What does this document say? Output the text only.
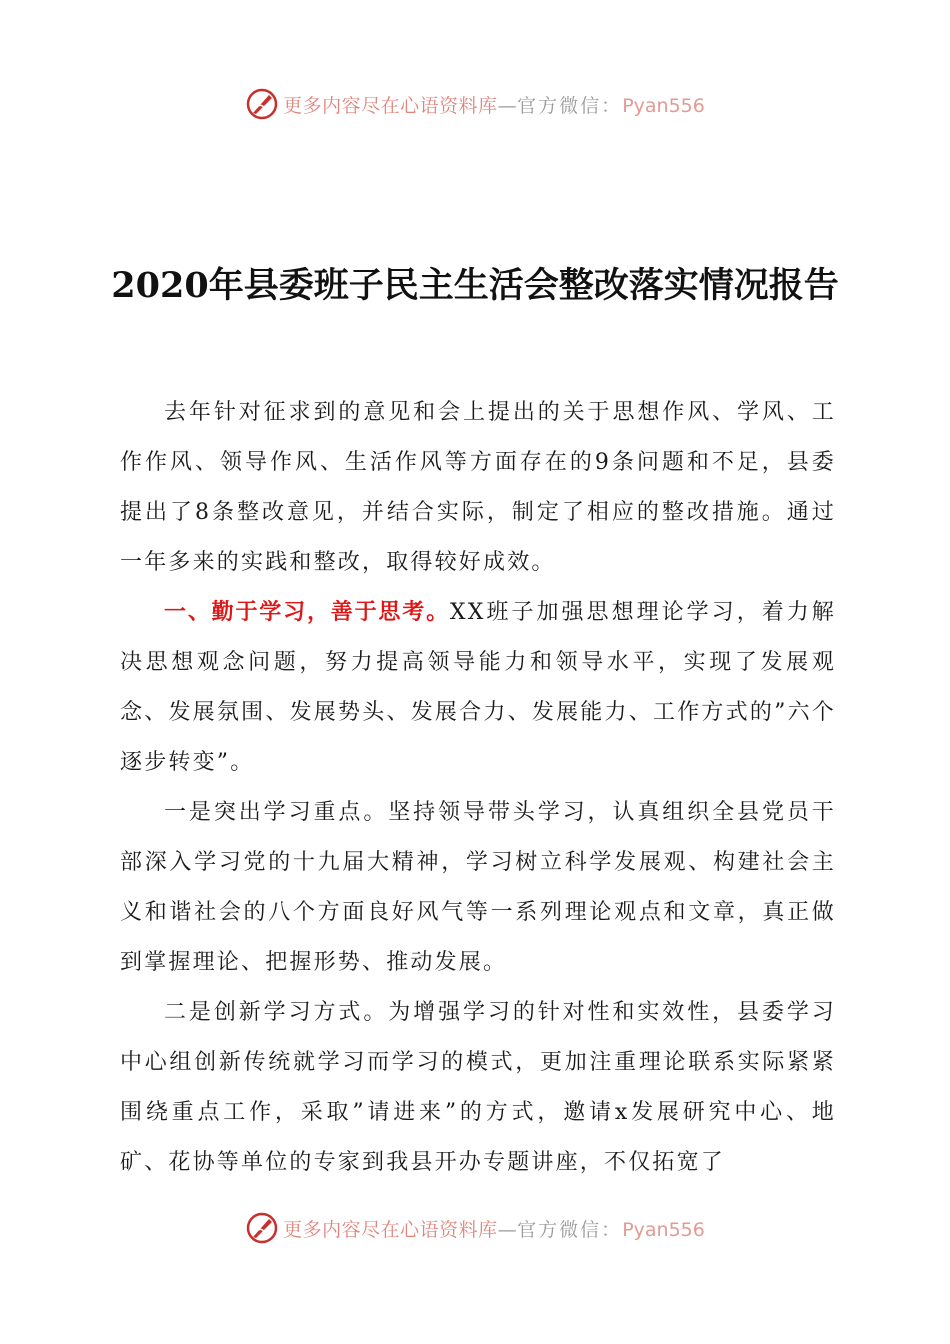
更多内容尽在心语资料库—官方微信：Pyan556
2020年县委班子民主生活会整改落实情况报告

去年针对征求到的意见和会上提出的关于思想作风、学风、工作作风、领导作风、生活作风等方面存在的9条问题和不足，县委提出了8条整改意见，并结合实际，制定了相应的整改措施。通过一年多来的实践和整改，取得较好成效。

一、勤于学习，善于思考。XX班子加强思想理论学习，着力解决思想观念问题，努力提高领导能力和领导水平，实现了发展观念、发展氛围、发展势头、发展合力、发展能力、工作方式的”六个逐步转变”。

一是突出学习重点。坚持领导带头学习，认真组织全县党员干部深入学习党的十九届大精神，学习树立科学发展观、构建社会主义和谐社会的八个方面良好风气等一系列理论观点和文章，真正做到掌握理论、把握形势、推动发展。

二是创新学习方式。为增强学习的针对性和实效性，县委学习中心组创新传统就学习而学习的模式，更加注重理论联系实际紧紧围绕重点工作，采取”请进来”的方式，邀请x发展研究中心、地矿、花协等单位的专家到我县开办专题讲座，不仅拓宽了

更多内容尽在心语资料库—官方微信：Pyan556
